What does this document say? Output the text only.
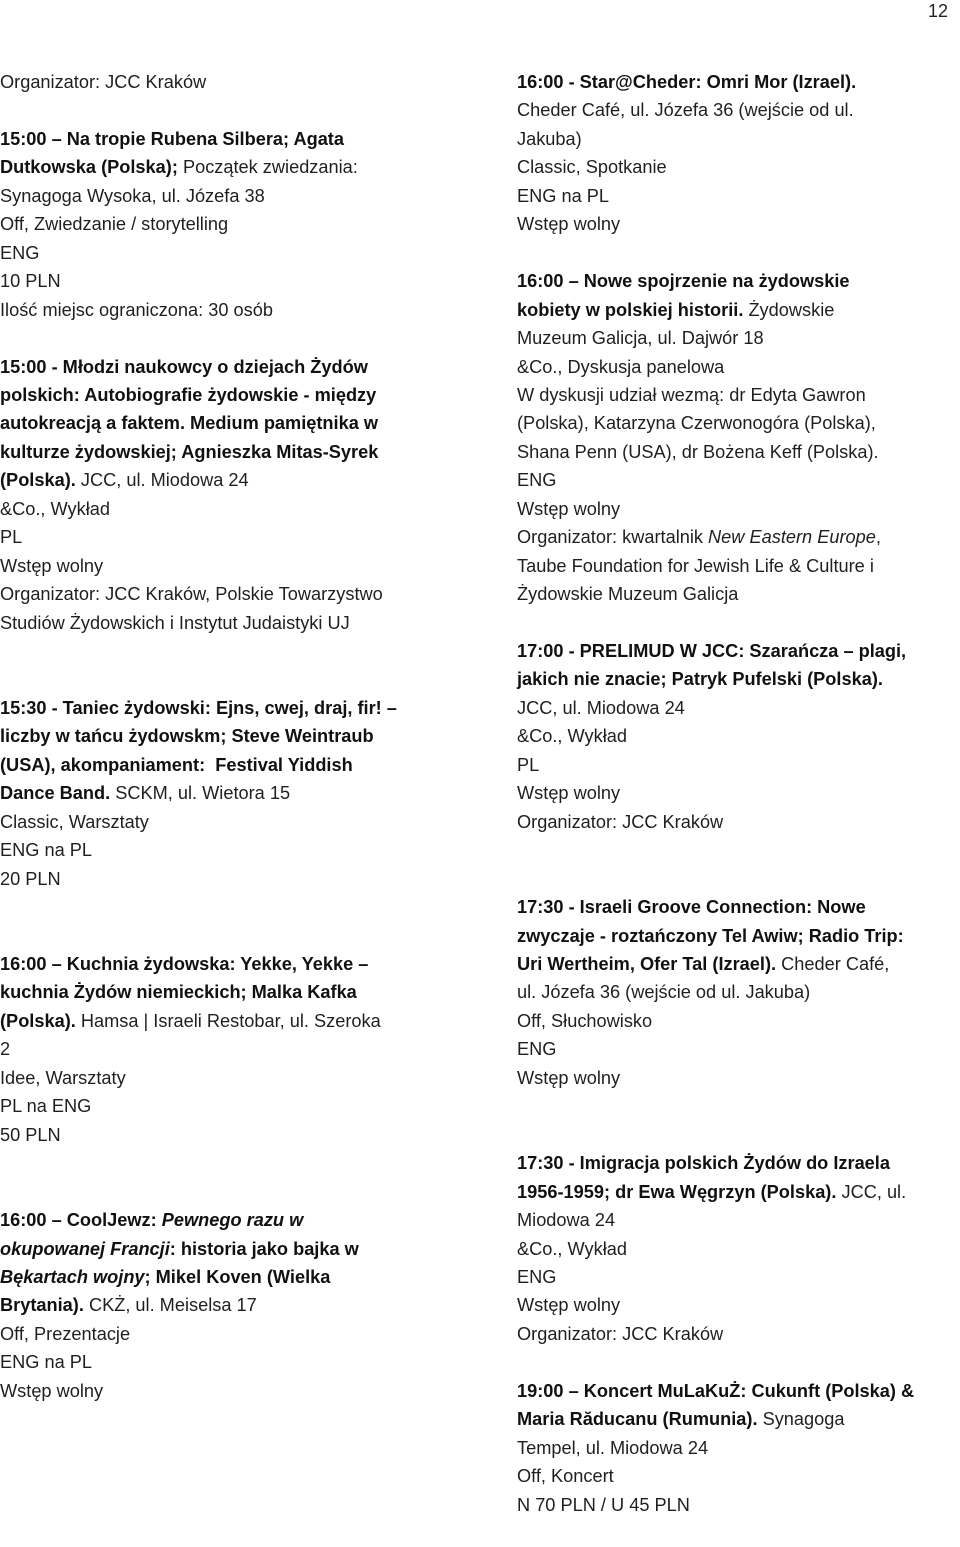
12
Organizator: JCC Kraków
15:00 – Na tropie Rubena Silbera; Agata
Dutkowska (Polska); Początek zwiedzania:
Synagoga Wysoka, ul. Józefa 38
Off, Zwiedzanie / storytelling
ENG
10 PLN
Ilość miejsc ograniczona: 30 osób
15:00 - Młodzi naukowcy o dziejach Żydów
polskich: Autobiografie żydowskie - między
autokreacją a faktem. Medium pamiętnika w
kulturze żydowskiej; Agnieszka Mitas-Syrek
(Polska). JCC, ul. Miodowa 24
&Co., Wykład
PL
Wstęp wolny
Organizator: JCC Kraków, Polskie Towarzystwo
Studiów Żydowskich i Instytut Judaistyki UJ
15:30 - Taniec żydowski: Ejns, cwej, draj, fir! –
liczby w tańcu żydowskm; Steve Weintraub
(USA), akompaniament:  Festival Yiddish
Dance Band. SCKM, ul. Wietora 15
Classic, Warsztaty
ENG na PL
20 PLN
16:00 – Kuchnia żydowska: Yekke, Yekke –
kuchnia Żydów niemieckich; Malka Kafka
(Polska). Hamsa | Israeli Restobar, ul. Szeroka
2
Idee, Warsztaty
PL na ENG
50 PLN
16:00 – CoolJewz: Pewnego razu w
okupowanej Francji: historia jako bajka w
Bękartach wojny; Mikel Koven (Wielka
Brytania). CKŻ, ul. Meiselsa 17
Off, Prezentacje
ENG na PL
Wstęp wolny
16:00 - Star@Cheder: Omri Mor (Izrael).
Cheder Café, ul. Józefa 36 (wejście od ul.
Jakuba)
Classic, Spotkanie
ENG na PL
Wstęp wolny
16:00 – Nowe spojrzenie na żydowskie
kobiety w polskiej historii. Żydowskie
Muzeum Galicja, ul. Dajwór 18
&Co., Dyskusja panelowa
W dyskusji udział wezmą: dr Edyta Gawron
(Polska), Katarzyna Czerwonogóra (Polska),
Shana Penn (USA), dr Bożena Keff (Polska).
ENG
Wstęp wolny
Organizator: kwartalnik New Eastern Europe,
Taube Foundation for Jewish Life & Culture i
Żydowskie Muzeum Galicja
17:00 - PRELIMUD W JCC: Szarańcza – plagi,
jakich nie znacie; Patryk Pufelski (Polska).
JCC, ul. Miodowa 24
&Co., Wykład
PL
Wstęp wolny
Organizator: JCC Kraków
17:30 - Israeli Groove Connection: Nowe
zwyczaje - roztańczony Tel Awiw; Radio Trip:
Uri Wertheim, Ofer Tal (Izrael). Cheder Café,
ul. Józefa 36 (wejście od ul. Jakuba)
Off, Słuchowisko
ENG
Wstęp wolny
17:30 - Imigracja polskich Żydów do Izraela
1956-1959; dr Ewa Węgrzyn (Polska). JCC, ul.
Miodowa 24
&Co., Wykład
ENG
Wstęp wolny
Organizator: JCC Kraków
19:00 – Koncert MuLaKuŻ: Cukunft (Polska) &
Maria Răducanu (Rumunia). Synagoga
Tempel, ul. Miodowa 24
Off, Koncert
N 70 PLN / U 45 PLN
